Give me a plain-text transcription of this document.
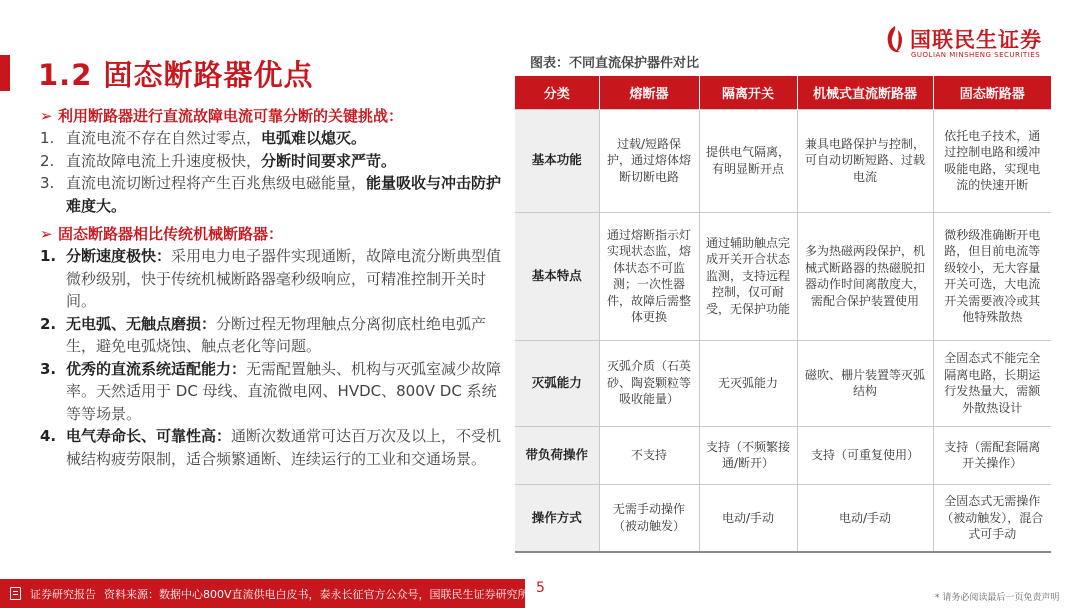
1.2 固态断路器优点
国联民生证券
GUOLIAN MINSHENG SECURITIES
➢ 利用断路器进行直流故障电流可靠分断的关键挑战：
1. 直流电流不存在自然过零点，电弧难以熄灭。
2. 直流故障电流上升速度极快，分断时间要求严苛。
3. 直流电流切断过程将产生百兆焦级电磁能量，能量吸收与冲击防护难度大。
➢ 固态断路器相比传统机械断路器：
1. 分断速度极快：采用电力电子器件实现通断，故障电流分断典型值微秒级别，快于传统机械断路器毫秒级响应，可精准控制开关时间。
2. 无电弧、无触点磨损：分断过程无物理触点分离彻底杜绝电弧产生，避免电弧烧蚀、触点老化等问题。
3. 优秀的直流系统适配能力：无需配置触头、机构与灭弧室减少故障率。天然适用于 DC 母线、直流微电网、HVDC、800V DC 系统等等场景。
4. 电气寿命长、可靠性高：通断次数通常可达百万次及以上，不受机械结构疲劳限制，适合频繁通断、连续运行的工业和交通场景。
图表：不同直流保护器件对比
分类	熔断器	隔离开关	机械式直流断路器	固态断路器
基本功能	过载/短路保护，通过熔体熔断切断电路	提供电气隔离，有明显断开点	兼具电路保护与控制，可自动切断短路、过载电流	依托电子技术，通过控制电路和缓冲吸能电路，实现电流的快速开断
基本特点	通过熔断指示灯实现状态监，熔体状态不可监测；一次性器件，故障后需整体更换	通过辅助触点完成开关开合状态监测，支持远程控制，仅可耐受，无保护功能	多为热磁两段保护，机械式断路器的热磁脱扣器动作时间离散度大，需配合保护装置使用	微秒级准确断开电路，但目前电流等级较小，无大容量开关可选，大电流开关需要液冷或其他特殊散热
灭弧能力	灭弧介质（石英砂、陶瓷颗粒等吸收能量）	无灭弧能力	磁吹、栅片装置等灭弧结构	全固态式不能完全隔离电路，长期运行发热量大，需额外散热设计
带负荷操作	不支持	支持（不频繁接通/断开）	支持（可重复使用）	支持（需配套隔离开关操作）
操作方式	无需手动操作（被动触发）	电动/手动	电动/手动	全固态式无需操作（被动触发），混合式可手动
证券研究报告 资料来源：数据中心800V直流供电白皮书，泰永长征官方公众号，国联民生证券研究所 5
* 请务必阅读最后一页免责声明
